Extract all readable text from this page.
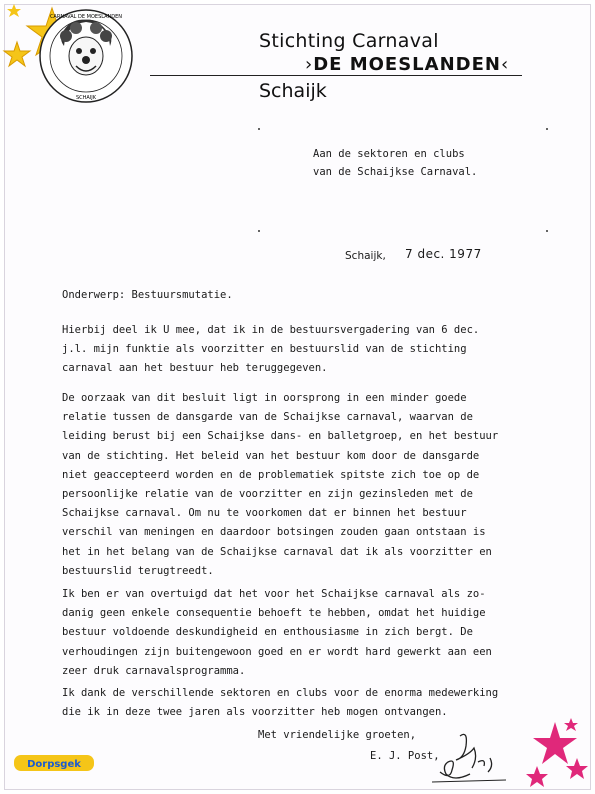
CARNAVAL DE MOESLANDEN
SCHAIJK
Stichting Carnaval
›DE MOESLANDEN‹
Schaijk
Aan de sektoren en clubs
van de Schaijkse Carnaval.
Schaijk, 7 dec. 1977
Onderwerp: Bestuursmutatie.
Hierbij deel ik U mee, dat ik in de bestuursvergadering van 6 dec.
j.l. mijn funktie als voorzitter en bestuurslid van de stichting
carnaval aan het bestuur heb teruggegeven.
De oorzaak van dit besluit ligt in oorsprong in een minder goede
relatie tussen de dansgarde van de Schaijkse carnaval, waarvan de
leiding berust bij een Schaijkse dans- en balletgroep, en het bestuur
van de stichting. Het beleid van het bestuur kom door de dansgarde
niet geaccepteerd worden en de problematiek spitste zich toe op de
persoonlijke relatie van de voorzitter en zijn gezinsleden met de
Schaijkse carnaval. Om nu te voorkomen dat er binnen het bestuur
verschil van meningen en daardoor botsingen zouden gaan ontstaan is
het in het belang van de Schaijkse carnaval dat ik als voorzitter en
bestuurslid terugtreedt.
Ik ben er van overtuigd dat het voor het Schaijkse carnaval als zo-
danig geen enkele consequentie behoeft te hebben, omdat het huidige
bestuur voldoende deskundigheid en enthousiasme in zich bergt. De
verhoudingen zijn buitengewoon goed en er wordt hard gewerkt aan een
zeer druk carnavalsprogramma.
Ik dank de verschillende sektoren en clubs voor de enorma medewerking
die ik in deze twee jaren als voorzitter heb mogen ontvangen.
Met vriendelijke groeten,
E. J. Post,
Dorpsgek
